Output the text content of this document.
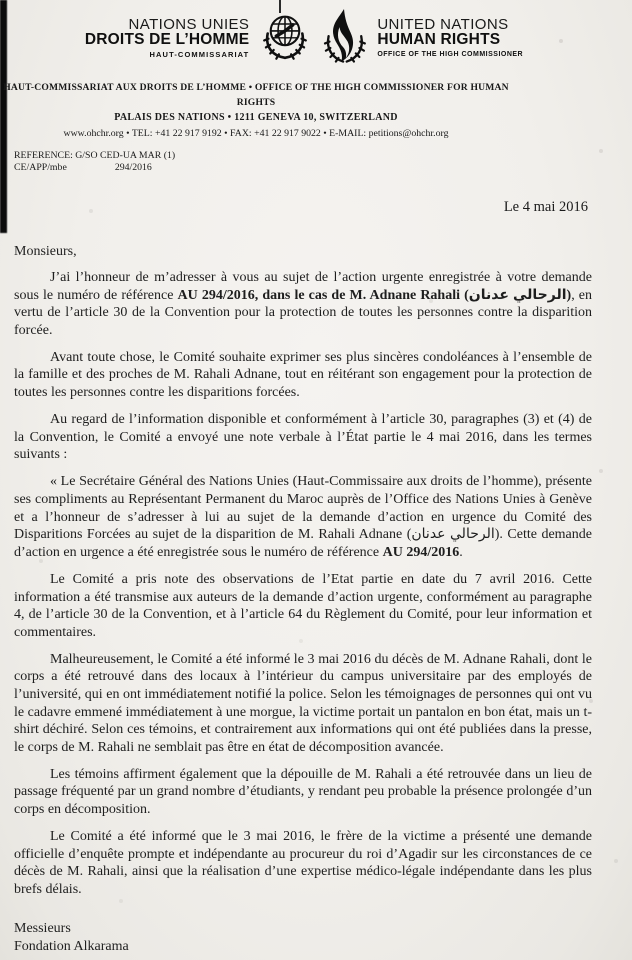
NATIONS UNIES
DROITS DE L’HOMME
HAUT-COMMISSARIAT
UNITED NATIONS
HUMAN RIGHTS
OFFICE OF THE HIGH COMMISSIONER
HAUT-COMMISSARIAT AUX DROITS DE L’HOMME • OFFICE OF THE HIGH COMMISSIONER FOR HUMAN RIGHTS
PALAIS DES NATIONS • 1211 GENEVA 10, SWITZERLAND
www.ohchr.org • TEL: +41 22 917 9192 • FAX: +41 22 917 9022 • E-MAIL: petitions@ohchr.org
REFERENCE: G/SO CED-UA MAR (1)
CE/APP/mbe	294/2016
Le 4 mai 2016
Monsieurs,

J’ai l’honneur de m’adresser à vous au sujet de l’action urgente enregistrée à votre demande sous le numéro de référence AU 294/2016, dans le cas de M. Adnane Rahali (الرحالي عدنان), en vertu de l’article 30 de la Convention pour la protection de toutes les personnes contre la disparition forcée.

Avant toute chose, le Comité souhaite exprimer ses plus sincères condoléances à l’ensemble de la famille et des proches de M. Rahali Adnane, tout en réitérant son engagement pour la protection de toutes les personnes contre les disparitions forcées.

Au regard de l’information disponible et conformément à l’article 30, paragraphes (3) et (4) de la Convention, le Comité a envoyé une note verbale à l’État partie le 4 mai 2016, dans les termes suivants :

« Le Secrétaire Général des Nations Unies (Haut-Commissaire aux droits de l’homme), présente ses compliments au Représentant Permanent du Maroc auprès de l’Office des Nations Unies à Genève et a l’honneur de s’adresser à lui au sujet de la demande d’action en urgence du Comité des Disparitions Forcées au sujet de la disparition de M. Rahali Adnane (الرحالي عدنان). Cette demande d’action en urgence a été enregistrée sous le numéro de référence AU 294/2016.

Le Comité a pris note des observations de l’Etat partie en date du 7 avril 2016. Cette information a été transmise aux auteurs de la demande d’action urgente, conformément au paragraphe 4, de l’article 30 de la Convention, et à l’article 64 du Règlement du Comité, pour leur information et commentaires.

Malheureusement, le Comité a été informé le 3 mai 2016 du décès de M. Adnane Rahali, dont le corps a été retrouvé dans des locaux à l’intérieur du campus universitaire par des employés de l’université, qui en ont immédiatement notifié la police. Selon les témoignages de personnes qui ont vu le cadavre emmené immédiatement à une morgue, la victime portait un pantalon en bon état, mais un t-shirt déchiré. Selon ces témoins, et contrairement aux informations qui ont été publiées dans la presse, le corps de M. Rahali ne semblait pas être en état de décomposition avancée.

Les témoins affirment également que la dépouille de M. Rahali a été retrouvée dans un lieu de passage fréquenté par un grand nombre d’étudiants, y rendant peu probable la présence prolongée d’un corps en décomposition.

Le Comité a été informé que le 3 mai 2016, le frère de la victime a présenté une demande officielle d’enquête prompte et indépendante au procureur du roi d’Agadir sur les circonstances de ce décès de M. Rahali, ainsi que la réalisation d’une expertise médico-légale indépendante dans les plus brefs délais.

Messieurs
Fondation Alkarama
